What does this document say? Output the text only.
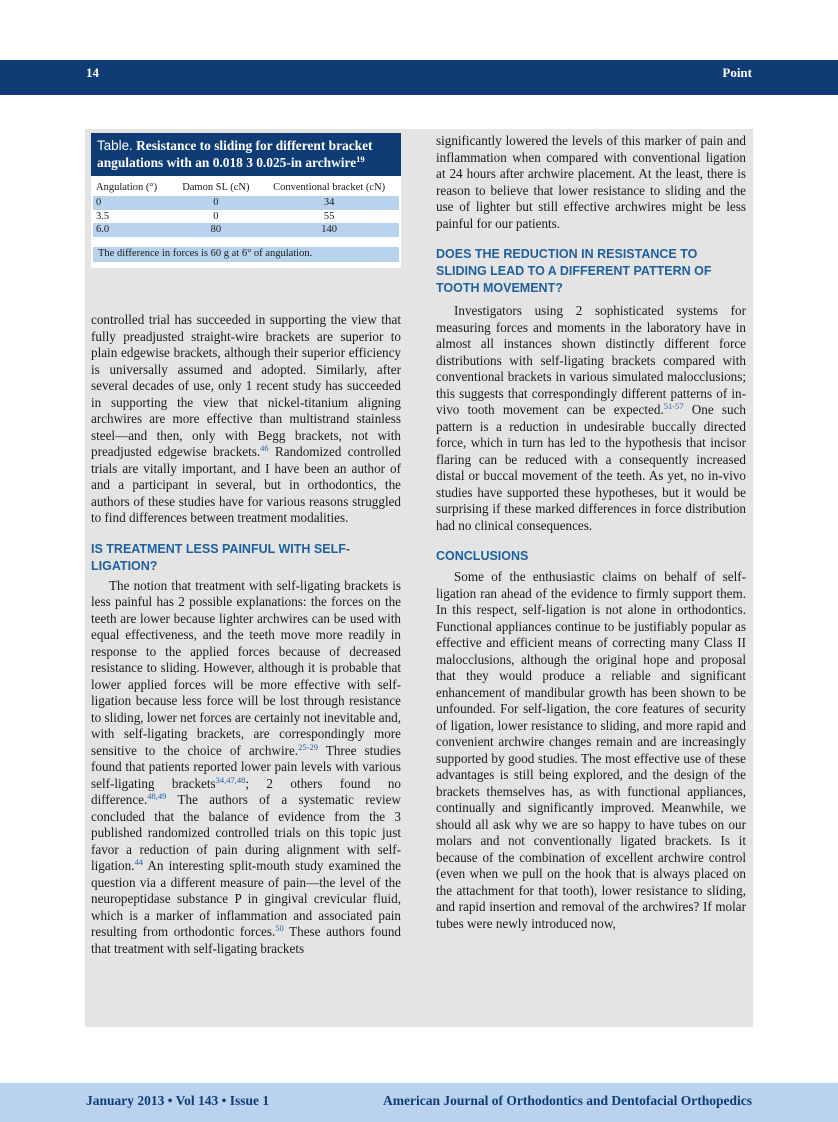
14	Point
Table. Resistance to sliding for different bracket angulations with an 0.018 3 0.025-in archwire$^{19}$
Angulation (°)	Damon SL (cN)	Conventional bracket (cN)
0	0	34
3.5	0	55
6.0	80	140
The difference in forces is 60 g at 6° of angulation.

controlled trial has succeeded in supporting the view that fully preadjusted straight-wire brackets are superior to plain edgewise brackets, although their superior efficiency is universally assumed and adopted. Similarly, after several decades of use, only 1 recent study has succeeded in supporting the view that nickel-titanium aligning archwires are more effective than multistrand stainless steel—and then, only with Begg brackets, not with preadjusted edgewise brackets.$^{46}$ Randomized controlled trials are vitally important, and I have been an author of and a participant in several, but in orthodontics, the authors of these studies have for various reasons struggled to find differences between treatment modalities.

IS TREATMENT LESS PAINFUL WITH SELF-LIGATION?

The notion that treatment with self-ligating brackets is less painful has 2 possible explanations: the forces on the teeth are lower because lighter archwires can be used with equal effectiveness, and the teeth move more readily in response to the applied forces because of decreased resistance to sliding. However, although it is probable that lower applied forces will be more effective with self-ligation because less force will be lost through resistance to sliding, lower net forces are certainly not inevitable and, with self-ligating brackets, are correspondingly more sensitive to the choice of archwire.$^{25-29}$ Three studies found that patients reported lower pain levels with various self-ligating brackets$^{34,47,48}$; 2 others found no difference.$^{48,49}$ The authors of a systematic review concluded that the balance of evidence from the 3 published randomized controlled trials on this topic just favor a reduction of pain during alignment with self-ligation.$^{44}$ An interesting split-mouth study examined the question via a different measure of pain—the level of the neuropeptidase substance P in gingival crevicular fluid, which is a marker of inflammation and associated pain resulting from orthodontic forces.$^{50}$ These authors found that treatment with self-ligating brackets

significantly lowered the levels of this marker of pain and inflammation when compared with conventional ligation at 24 hours after archwire placement. At the least, there is reason to believe that lower resistance to sliding and the use of lighter but still effective archwires might be less painful for our patients.

DOES THE REDUCTION IN RESISTANCE TO SLIDING LEAD TO A DIFFERENT PATTERN OF TOOTH MOVEMENT?

Investigators using 2 sophisticated systems for measuring forces and moments in the laboratory have in almost all instances shown distinctly different force distributions with self-ligating brackets compared with conventional brackets in various simulated malocclusions; this suggests that correspondingly different patterns of in-vivo tooth movement can be expected.$^{51-57}$ One such pattern is a reduction in undesirable buccally directed force, which in turn has led to the hypothesis that incisor flaring can be reduced with a consequently increased distal or buccal movement of the teeth. As yet, no in-vivo studies have supported these hypotheses, but it would be surprising if these marked differences in force distribution had no clinical consequences.

CONCLUSIONS

Some of the enthusiastic claims on behalf of self-ligation ran ahead of the evidence to firmly support them. In this respect, self-ligation is not alone in orthodontics. Functional appliances continue to be justifiably popular as effective and efficient means of correcting many Class II malocclusions, although the original hope and proposal that they would produce a reliable and significant enhancement of mandibular growth has been shown to be unfounded. For self-ligation, the core features of security of ligation, lower resistance to sliding, and more rapid and convenient archwire changes remain and are increasingly supported by good studies. The most effective use of these advantages is still being explored, and the design of the brackets themselves has, as with functional appliances, continually and significantly improved. Meanwhile, we should all ask why we are so happy to have tubes on our molars and not conventionally ligated brackets. Is it because of the combination of excellent archwire control (even when we pull on the hook that is always placed on the attachment for that tooth), lower resistance to sliding, and rapid insertion and removal of the archwires? If molar tubes were newly introduced now,

January 2013 • Vol 143 • Issue 1	American Journal of Orthodontics and Dentofacial Orthopedics
